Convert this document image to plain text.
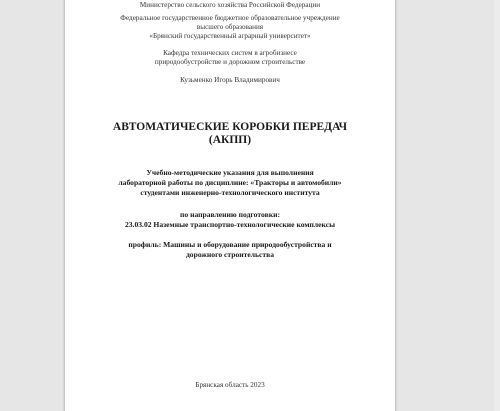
Министерство сельского хозяйства Российской Федерации
Федеральное государственное бюджетное образовательное учреждение
высшего образования
«Брянский государственный аграрный университет»
Кафедра технических систем в агробизнесе
природообустройстве и дорожном строительстве
Кузьменко Игорь Владимирович
АВТОМАТИЧЕСКИЕ КОРОБКИ ПЕРЕДАЧ
(АКПП)
Учебно-методические указания для выполнения
лабораторной работы по дисциплине: «Тракторы и автомобили»
студентами инженерно-технологического института
по направлению подготовки:
23.03.02 Наземные транспортно-технологические комплексы
профиль: Машины и оборудование природообустройства и
дорожного строительства
Брянская область 2023
